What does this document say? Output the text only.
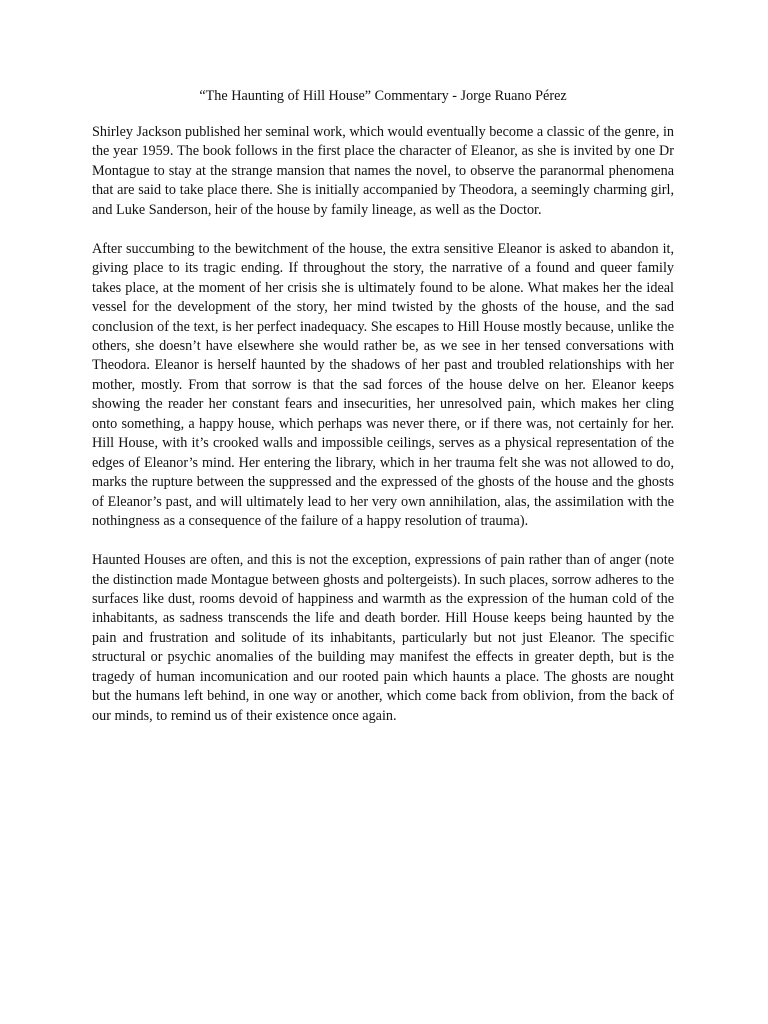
“The Haunting of Hill House” Commentary - Jorge Ruano Pérez

Shirley Jackson published her seminal work, which would eventually become a classic of the genre, in the year 1959. The book follows in the first place the character of Eleanor, as she is invited by one Dr Montague to stay at the strange mansion that names the novel, to observe the paranormal phenomena that are said to take place there. She is initially accompanied by Theodora, a seemingly charming girl, and Luke Sanderson, heir of the house by family lineage, as well as the Doctor.

After succumbing to the bewitchment of the house, the extra sensitive Eleanor is asked to abandon it, giving place to its tragic ending. If throughout the story, the narrative of a found and queer family takes place, at the moment of her crisis she is ultimately found to be alone. What makes her the ideal vessel for the development of the story, her mind twisted by the ghosts of the house, and the sad conclusion of the text, is her perfect inadequacy. She escapes to Hill House mostly because, unlike the others, she doesn’t have elsewhere she would rather be, as we see in her tensed conversations with Theodora. Eleanor is herself haunted by the shadows of her past and troubled relationships with her mother, mostly. From that sorrow is that the sad forces of the house delve on her. Eleanor keeps showing the reader her constant fears and insecurities, her unresolved pain, which makes her cling onto something, a happy house, which perhaps was never there, or if there was, not certainly for her. Hill House, with it’s crooked walls and impossible ceilings, serves as a physical representation of the edges of Eleanor’s mind. Her entering the library, which in her trauma felt she was not allowed to do, marks the rupture between the suppressed and the expressed of the ghosts of the house and the ghosts of Eleanor’s past, and will ultimately lead to her very own annihilation, alas, the assimilation with the nothingness as a consequence of the failure of a happy resolution of trauma).

Haunted Houses are often, and this is not the exception, expressions of pain rather than of anger (note the distinction made Montague between ghosts and poltergeists). In such places, sorrow adheres to the surfaces like dust, rooms devoid of happiness and warmth as the expression of the human cold of the inhabitants, as sadness transcends the life and death border. Hill House keeps being haunted by the pain and frustration and solitude of its inhabitants, particularly but not just Eleanor. The specific structural or psychic anomalies of the building may manifest the effects in greater depth, but is the tragedy of human incomunication and our rooted pain which haunts a place. The ghosts are nought but the humans left behind, in one way or another, which come back from oblivion, from the back of our minds, to remind us of their existence once again.
